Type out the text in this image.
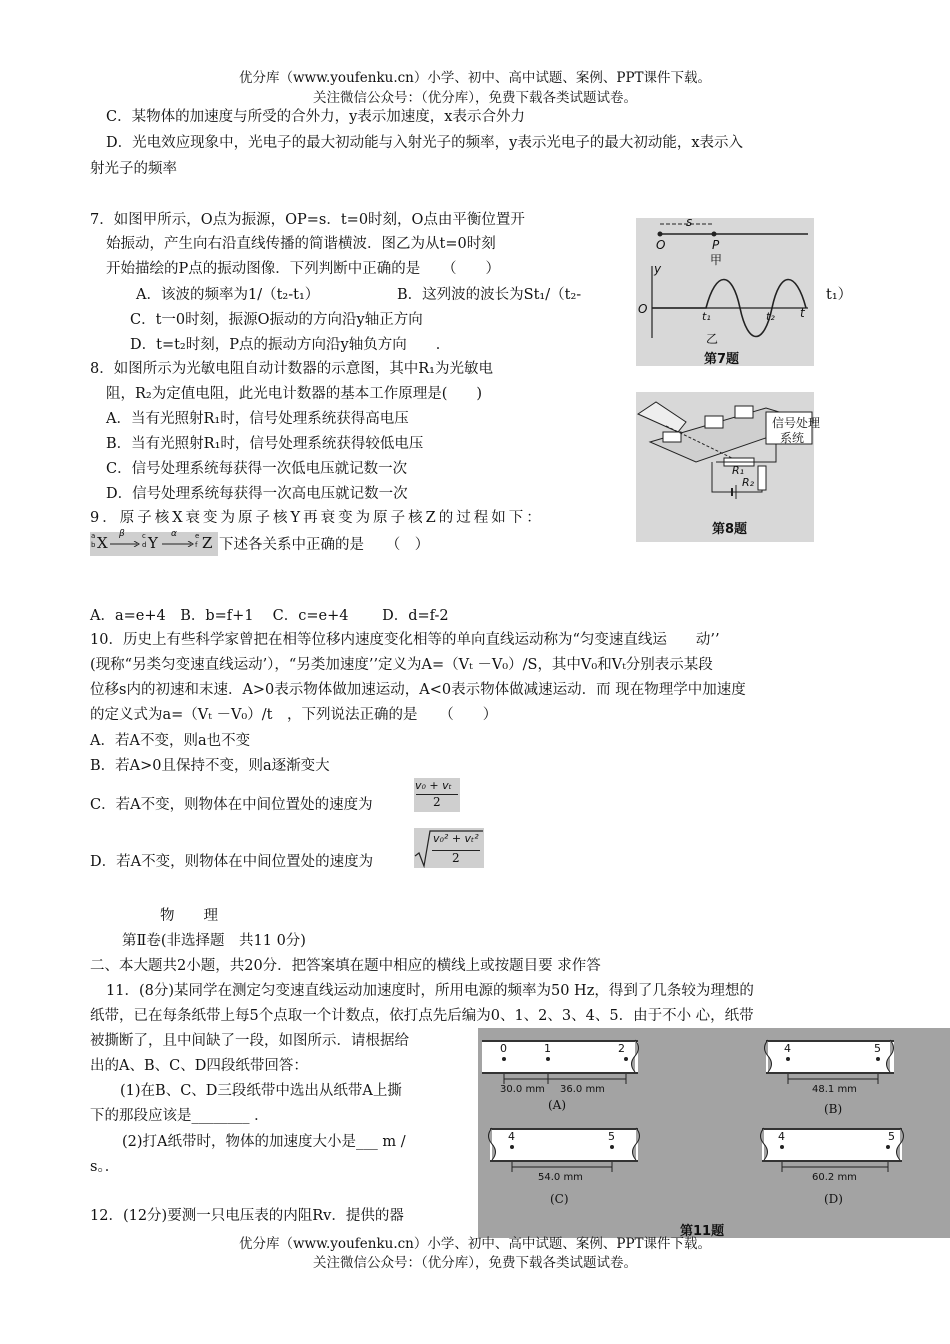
优分库（www.youfenku.cn）小学、初中、高中试题、案例、PPT课件下载。
关注微信公众号：（优分库），免费下载各类试题试卷。
C．某物体的加速度与所受的合外力，y表示加速度，x表示合外力
D．光电效应现象中，光电子的最大初动能与入射光子的频率，y表示光电子的最大初动能，x表示入
射光子的频率
7．如图甲所示，O点为振源，OP=s．t=0时刻，O点由平衡位置开
始振动，产生向右沿直线传播的简谐横波．图乙为从t=0时刻
开始描绘的P点的振动图像．下列判断中正确的是　　（　　）
A．该波的频率为1/（t₂-t₁）	B．这列波的波长为St₁/（t₂-	t₁）
C．t一0时刻，振源O振动的方向沿y轴正方向
D．t=t₂时刻，P点的振动方向沿y轴负方向　　．
s
O	P
甲
y
O
t₁	t₂ t
乙
第7题
8．如图所示为光敏电阻自动计数器的示意图，其中R₁为光敏电
阻，R₂为定值电阻，此光电计数器的基本工作原理是(　　)
A．当有光照射R₁时，信号处理系统获得高电压
B．当有光照射R₁时，信号处理系统获得较低电压
C．信号处理系统每获得一次低电压就记数一次
D．信号处理系统每获得一次高电压就记数一次
信号处理
系统
R₁
R₂
第8题
9．原子核X衰变为原子核Y再衰变为原子核Z的过程如下：
a
b X β c
d Y α	e
f Z 下述各关系中正确的是　　（　）
A．a=e+4　B．b=f+1　 C．c=e+4　　 D．d=f-2
10．历史上有些科学家曾把在相等位移内速度变化相等的单向直线运动称为“匀变速直线运　　动’’
(现称“另类匀变速直线运动’），“另类加速度’’定义为A=（Vₜ －V₀）/S，其中V₀和Vₜ分别表示某段
位移s内的初速和末速．A>0表示物体做加速运动，A<0表示物体做减速运动．而 现在物理学中加速度
的定义式为a=（Vₜ －V₀）/t　，下列说法正确的是　　（　　）
A．若A不变，则a也不变
B．若A>0且保持不变，则a逐渐变大
C．若A不变，则物体在中间位置处的速度为
v₀ + vₜ
2
D．若A不变，则物体在中间位置处的速度为
v₀² + vₜ²
2
物　　理
第Ⅱ卷(非选择题　共11 0分)
二、本大题共2小题，共20分．把答案填在题中相应的横线上或按题目要 求作答
11．(8分)某同学在测定匀变速直线运动加速度时，所用电源的频率为50 Hz，得到了几条较为理想的
纸带，已在每条纸带上每5个点取一个计数点，依打点先后编为0、1、2、3、4、5．由于不小 心，纸带
被撕断了，且中间缺了一段，如图所示．请根据给
出的A、B、C、D四段纸带回答：
(1)在B、C、D三段纸带中选出从纸带A上撕
下的那段应该是________ ．
(2)打A纸带时，物体的加速度大小是___ m /
s。．
0	1	2
30.0 mm 36.0 mm
(A)
4	5
48.1 mm
(B)
4	5
54.0 mm
(C)
4	5
60.2 mm
(D)
第11题
12．(12分)要测一只电压表的内阻Rv．提供的器
优分库（www.youfenku.cn）小学、初中、高中试题、案例、PPT课件下载。
关注微信公众号：（优分库），免费下载各类试题试卷。
